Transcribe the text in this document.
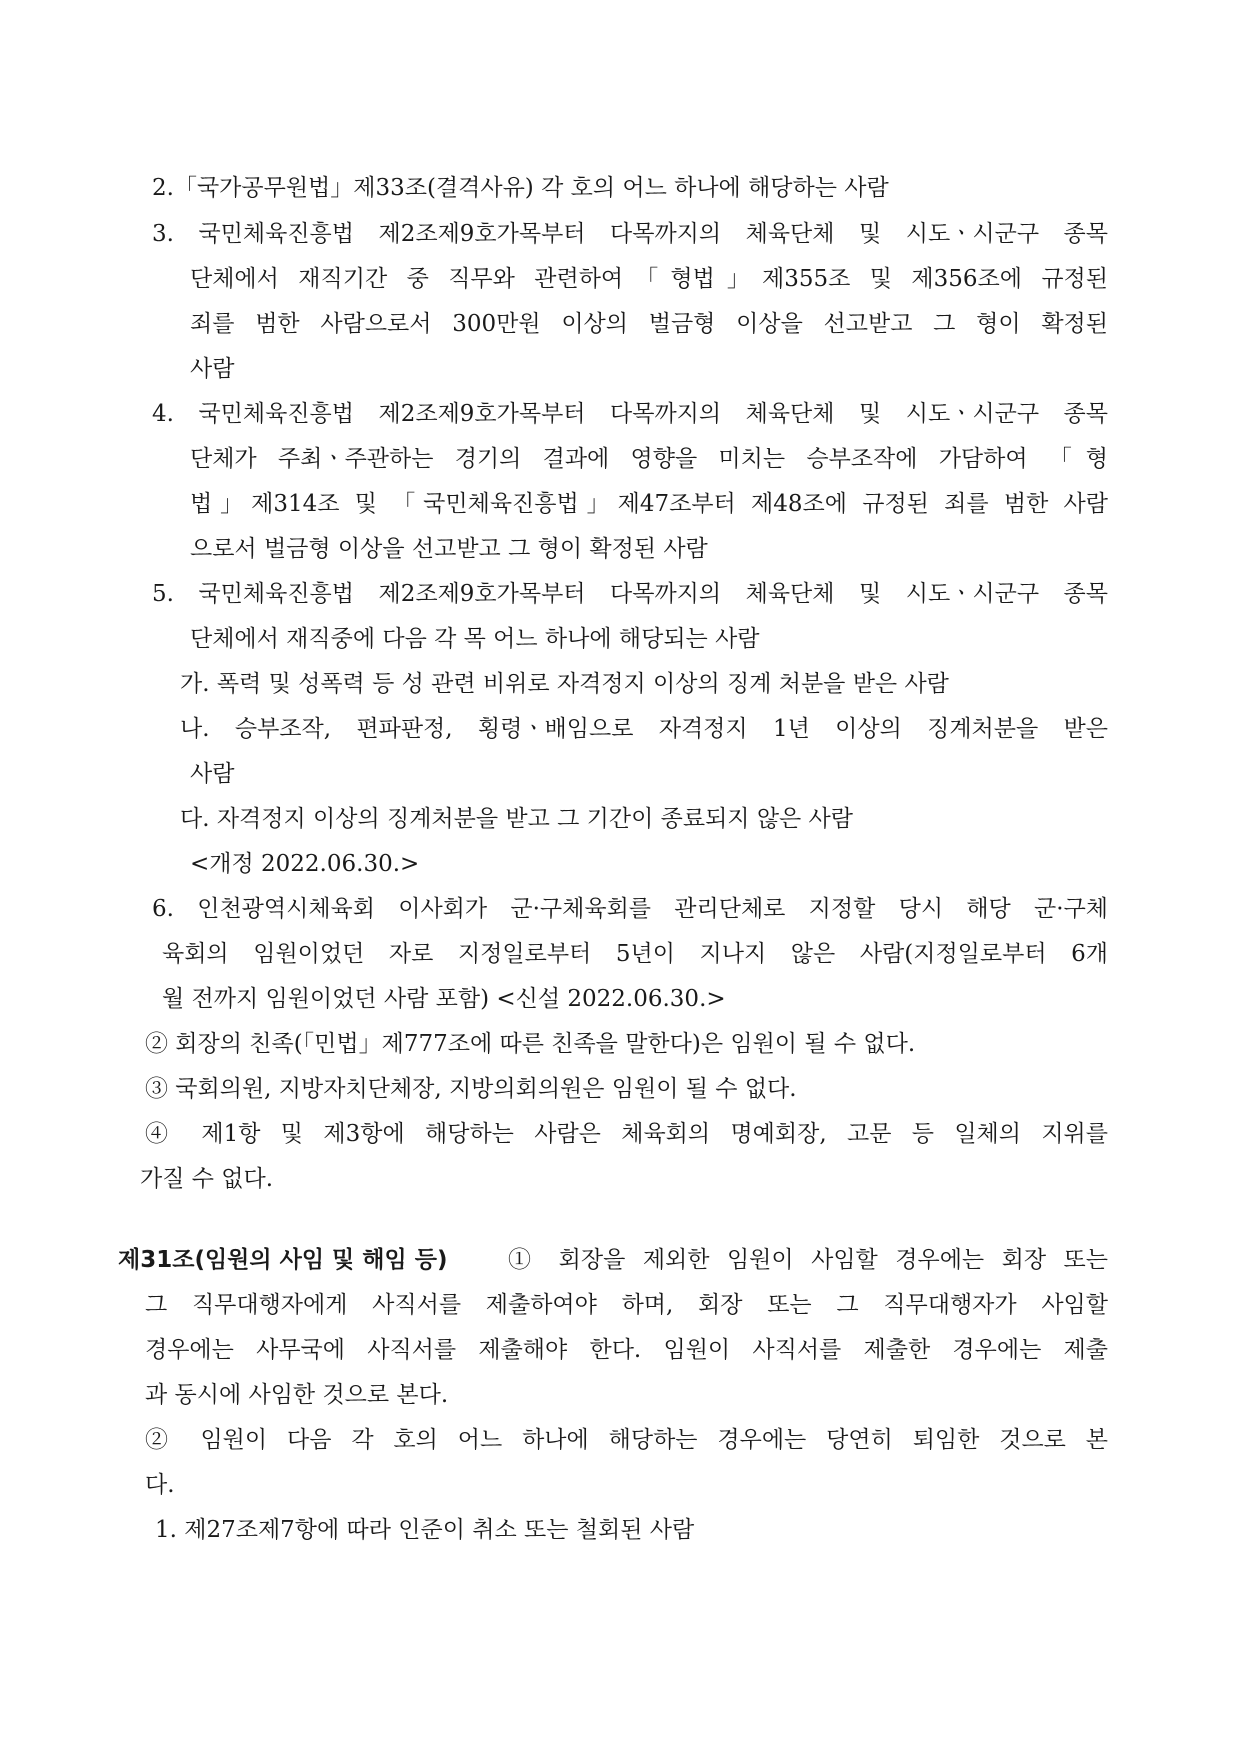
2.「국가공무원법」제33조(결격사유) 각 호의 어느 하나에 해당하는 사람
3. 국민체육진흥법 제2조제9호가목부터 다목까지의 체육단체 및 시도ㆍ시군구 종목
단체에서 재직기간 중 직무와 관련하여「형법」제355조 및 제356조에 규정된
죄를 범한 사람으로서 300만원 이상의 벌금형 이상을 선고받고 그 형이 확정된
사람
4. 국민체육진흥법 제2조제9호가목부터 다목까지의 체육단체 및 시도ㆍ시군구 종목
단체가 주최ㆍ주관하는 경기의 결과에 영향을 미치는 승부조작에 가담하여 「형
법」제314조 및 「국민체육진흥법」제47조부터 제48조에 규정된 죄를 범한 사람
으로서 벌금형 이상을 선고받고 그 형이 확정된 사람
5. 국민체육진흥법 제2조제9호가목부터 다목까지의 체육단체 및 시도ㆍ시군구 종목
단체에서 재직중에 다음 각 목 어느 하나에 해당되는 사람
가. 폭력 및 성폭력 등 성 관련 비위로 자격정지 이상의 징계 처분을 받은 사람
나. 승부조작, 편파판정, 횡령ㆍ배임으로 자격정지 1년 이상의 징계처분을 받은
사람
다. 자격정지 이상의 징계처분을 받고 그 기간이 종료되지 않은 사람
<개정 2022.06.30.>
6. 인천광역시체육회 이사회가 군·구체육회를 관리단체로 지정할 당시 해당 군·구체
육회의 임원이었던 자로 지정일로부터 5년이 지나지 않은 사람(지정일로부터 6개
월 전까지 임원이었던 사람 포함) <신설 2022.06.30.>
② 회장의 친족(「민법」제777조에 따른 친족을 말한다)은 임원이 될 수 없다.
③ 국회의원, 지방자치단체장, 지방의회의원은 임원이 될 수 없다.
④ 제1항 및 제3항에 해당하는 사람은 체육회의 명예회장, 고문 등 일체의 지위를
가질 수 없다.
제31조(임원의 사임 및 해임 등)	① 회장을 제외한 임원이 사임할 경우에는 회장 또는
그 직무대행자에게 사직서를 제출하여야 하며, 회장 또는 그 직무대행자가 사임할
경우에는 사무국에 사직서를 제출해야 한다. 임원이 사직서를 제출한 경우에는 제출
과 동시에 사임한 것으로 본다.
② 임원이 다음 각 호의 어느 하나에 해당하는 경우에는 당연히 퇴임한 것으로 본
다.
1. 제27조제7항에 따라 인준이 취소 또는 철회된 사람
